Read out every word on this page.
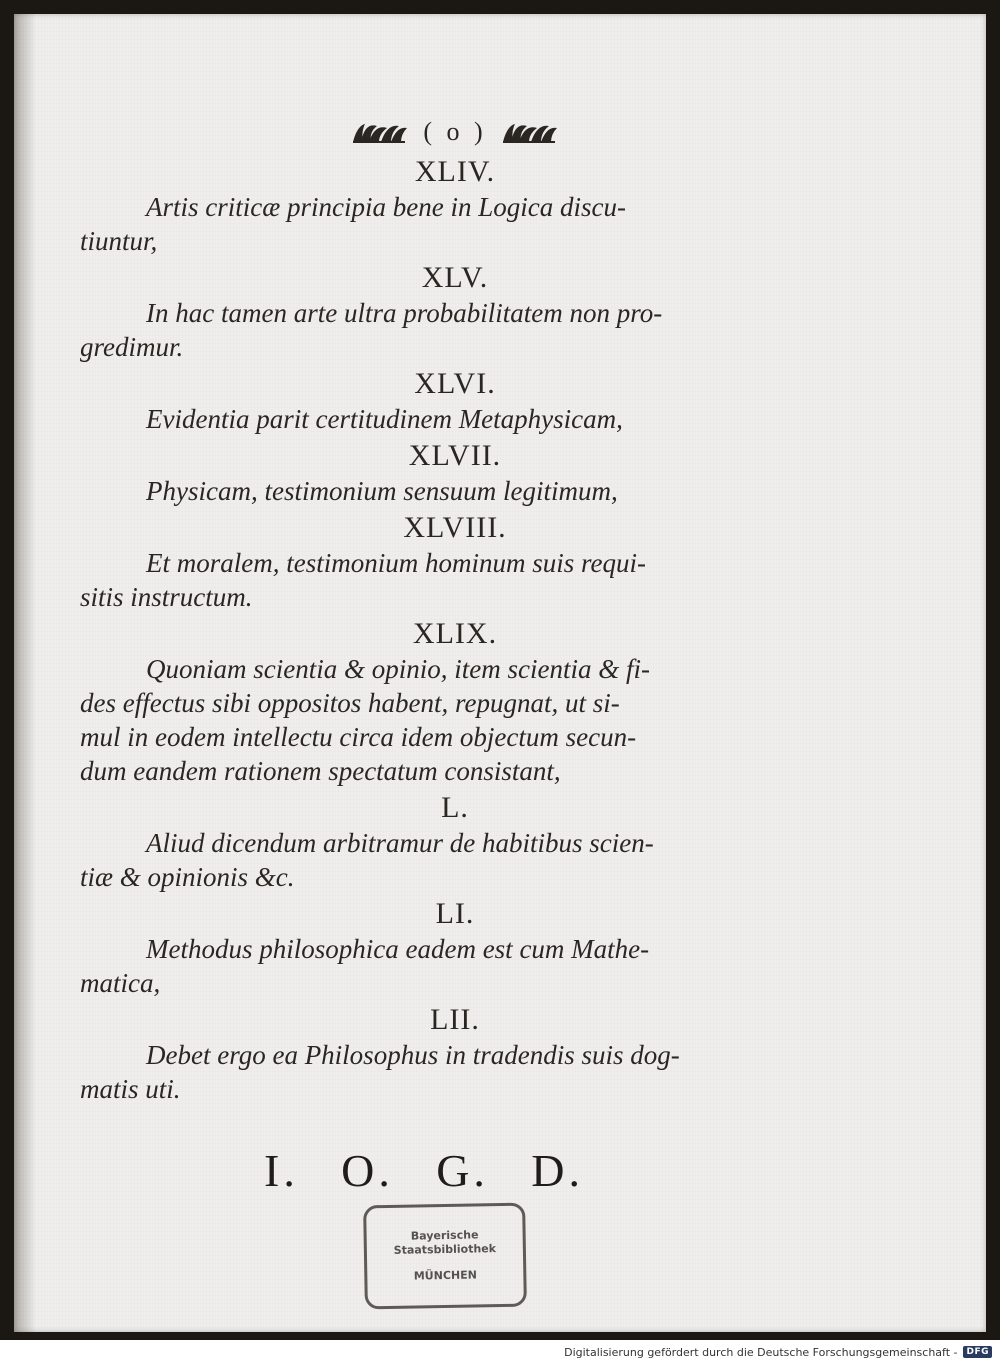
( o )

XLIV.

Artis criticæ principia bene in Logica discu-
tiuntur,

XLV.

In hac tamen arte ultra probabilitatem non pro-
gredimur.

XLVI.

Evidentia parit certitudinem Metaphysicam,

XLVII.

Physicam, testimonium sensuum legitimum,

XLVIII.

Et moralem, testimonium hominum suis requi-
sitis instructum.

XLIX.

Quoniam scientia & opinio, item scientia & fi-
des effectus sibi oppositos habent, repugnat, ut si-
mul in eodem intellectu circa idem objectum secun-
dum eandem rationem spectatum consistant,

L.

Aliud dicendum arbitramur de habitibus scien-
tiæ & opinionis &c.

LI.

Methodus philosophica eadem est cum Mathe-
matica,

LII.

Debet ergo ea Philosophus in tradendis suis dog-
matis uti.

I. O. G. D.
Bayerische
Staatsbibliothek
MÜNCHEN
Digitalisierung gefördert durch die Deutsche Forschungsgemeinschaft -	DFG
